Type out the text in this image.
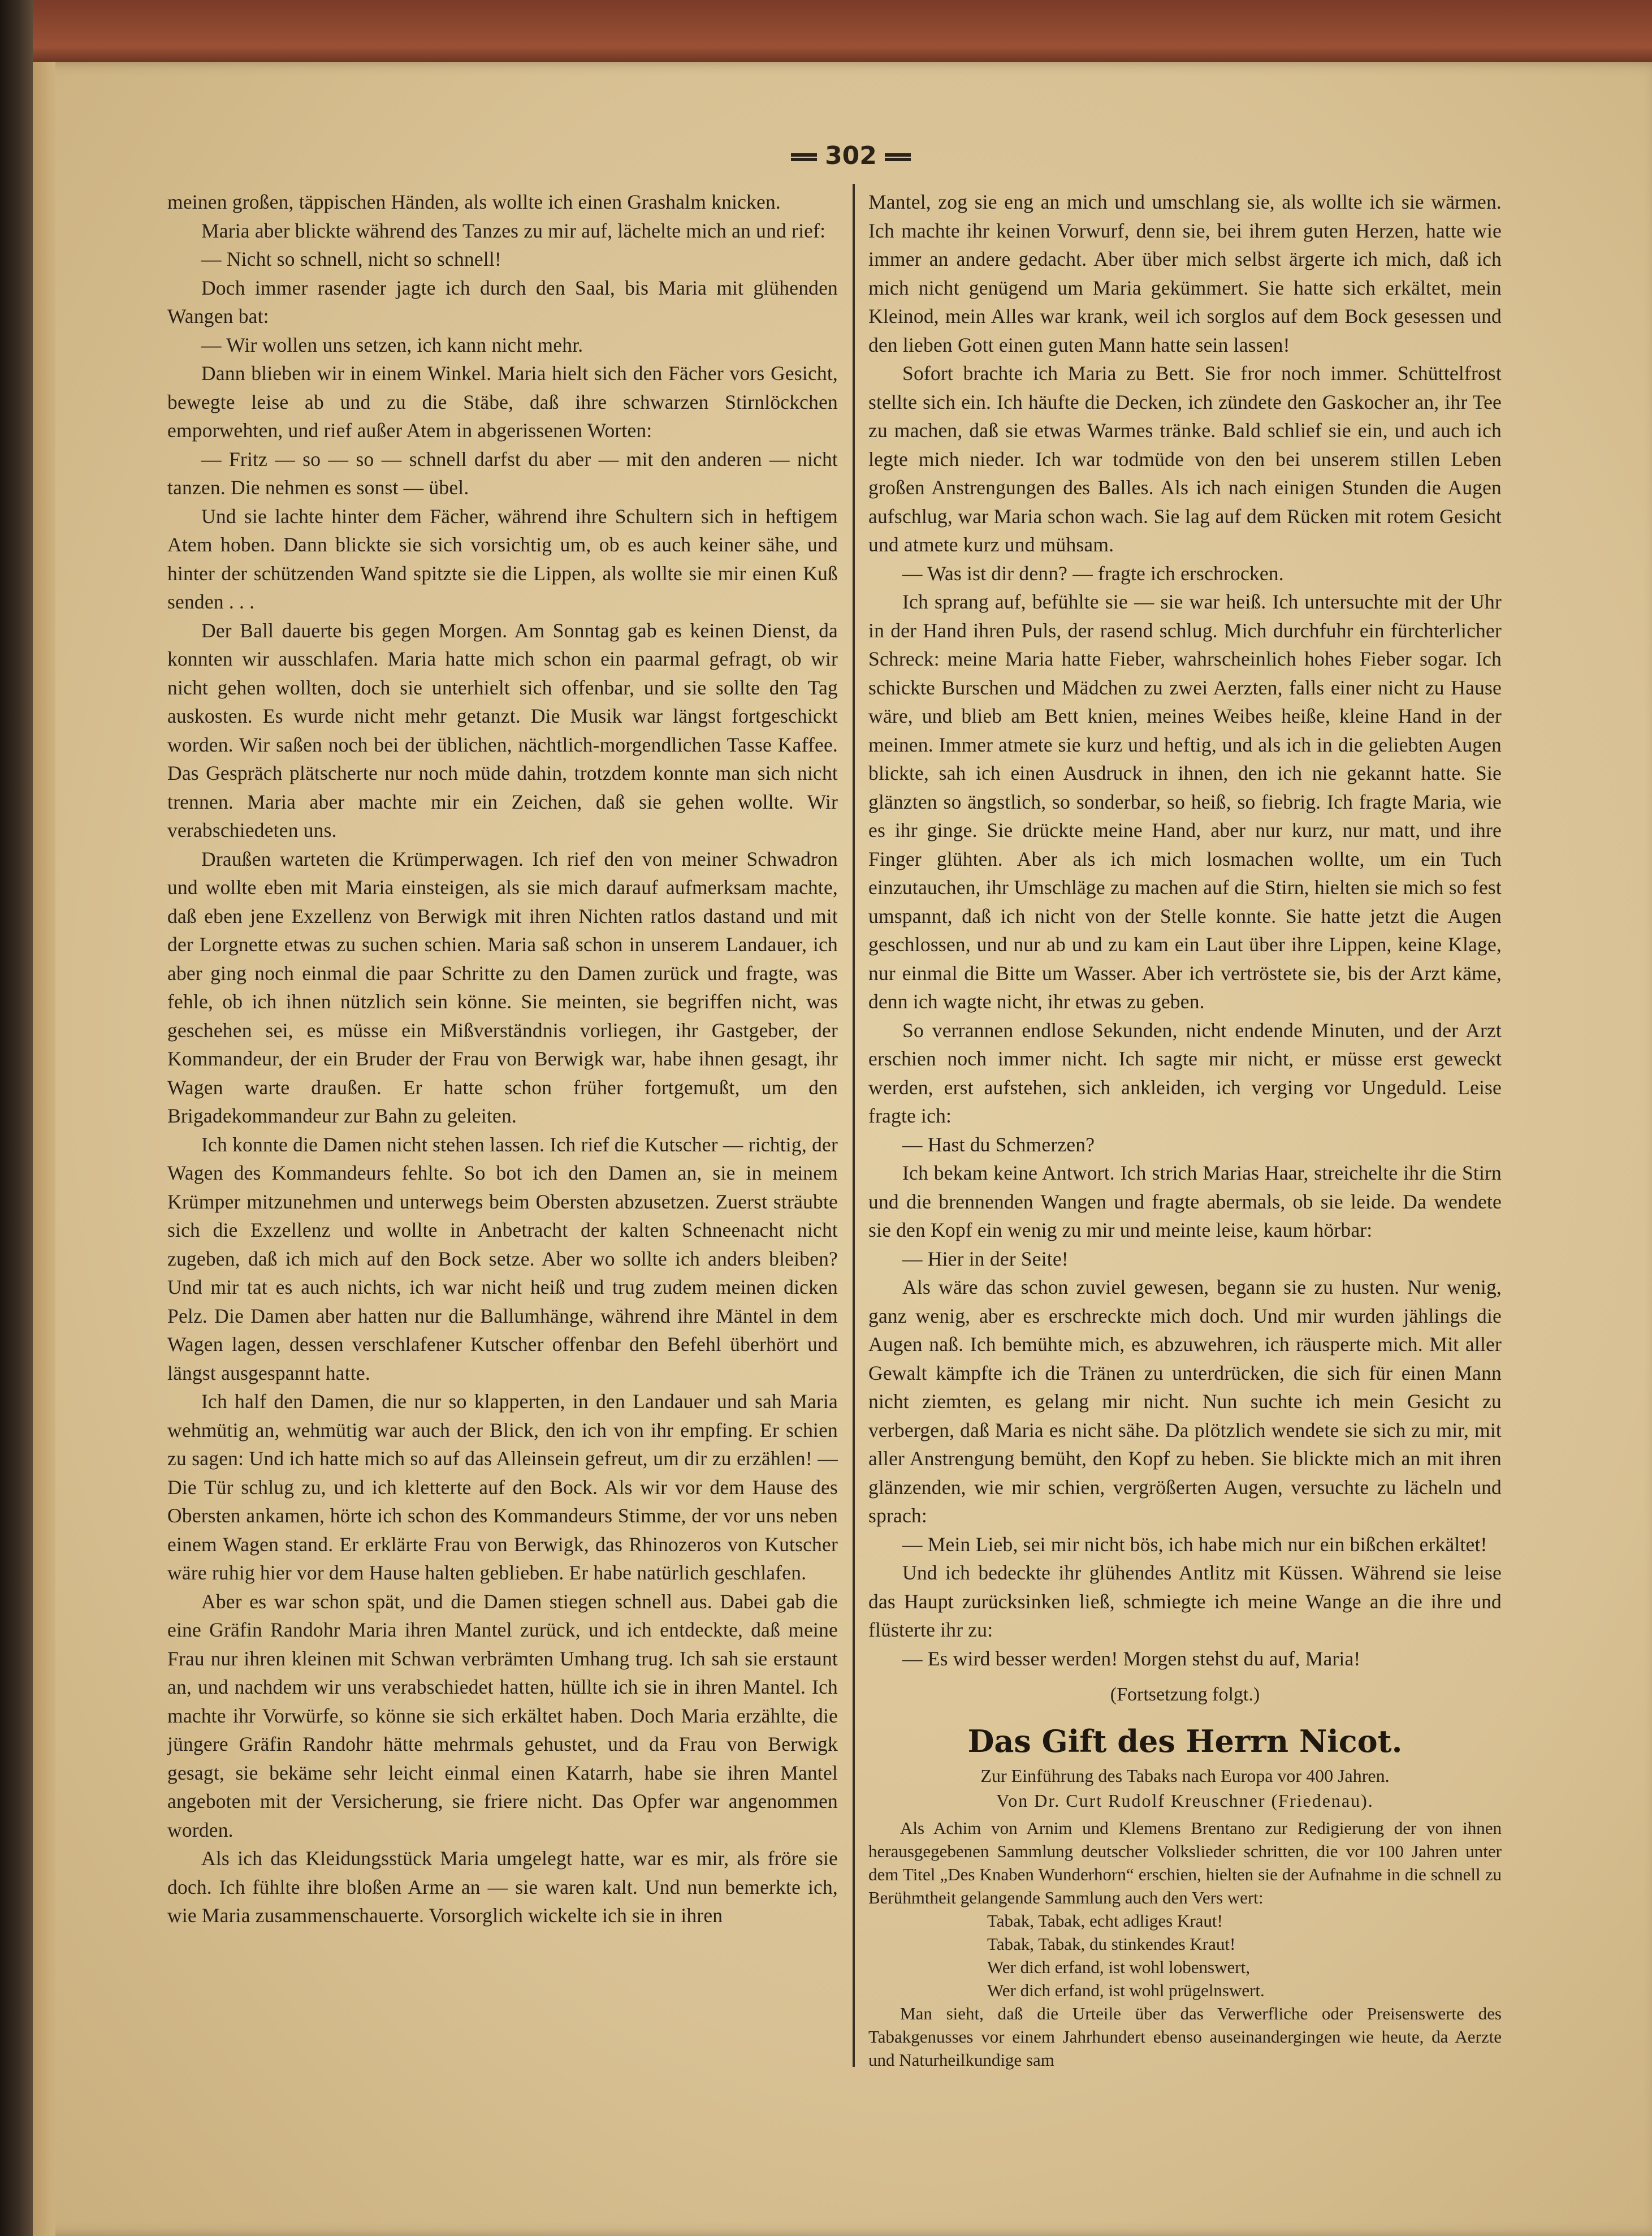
302

meinen großen, täppischen Händen, als wollte ich einen Grashalm knicken.

Maria aber blickte während des Tanzes zu mir auf, lächelte mich an und rief:

— Nicht so schnell, nicht so schnell!

Doch immer rasender jagte ich durch den Saal, bis Maria mit glühenden Wangen bat:

— Wir wollen uns setzen, ich kann nicht mehr.

Dann blieben wir in einem Winkel. Maria hielt sich den Fächer vors Gesicht, bewegte leise ab und zu die Stäbe, daß ihre schwarzen Stirnlöckchen emporwehten, und rief außer Atem in abgerissenen Worten:

— Fritz — so — so — schnell darfst du aber — mit den anderen — nicht tanzen. Die nehmen es sonst — übel.

Und sie lachte hinter dem Fächer, während ihre Schultern sich in heftigem Atem hoben. Dann blickte sie sich vorsichtig um, ob es auch keiner sähe, und hinter der schützenden Wand spitzte sie die Lippen, als wollte sie mir einen Kuß senden . . .

Der Ball dauerte bis gegen Morgen. Am Sonntag gab es keinen Dienst, da konnten wir ausschlafen. Maria hatte mich schon ein paarmal gefragt, ob wir nicht gehen wollten, doch sie unterhielt sich offenbar, und sie sollte den Tag auskosten. Es wurde nicht mehr getanzt. Die Musik war längst fortgeschickt worden. Wir saßen noch bei der üblichen, nächtlich-morgendlichen Tasse Kaffee. Das Gespräch plätscherte nur noch müde dahin, trotzdem konnte man sich nicht trennen. Maria aber machte mir ein Zeichen, daß sie gehen wollte. Wir verabschiedeten uns.

Draußen warteten die Krümperwagen. Ich rief den von meiner Schwadron und wollte eben mit Maria einsteigen, als sie mich darauf aufmerksam machte, daß eben jene Exzellenz von Berwigk mit ihren Nichten ratlos dastand und mit der Lorgnette etwas zu suchen schien. Maria saß schon in unserem Landauer, ich aber ging noch einmal die paar Schritte zu den Damen zurück und fragte, was fehle, ob ich ihnen nützlich sein könne. Sie meinten, sie begriffen nicht, was geschehen sei, es müsse ein Mißverständnis vorliegen, ihr Gastgeber, der Kommandeur, der ein Bruder der Frau von Berwigk war, habe ihnen gesagt, ihr Wagen warte draußen. Er hatte schon früher fortgemußt, um den Brigadekommandeur zur Bahn zu geleiten.

Ich konnte die Damen nicht stehen lassen. Ich rief die Kutscher — richtig, der Wagen des Kommandeurs fehlte. So bot ich den Damen an, sie in meinem Krümper mitzunehmen und unterwegs beim Obersten abzusetzen. Zuerst sträubte sich die Exzellenz und wollte in Anbetracht der kalten Schneenacht nicht zugeben, daß ich mich auf den Bock setze. Aber wo sollte ich anders bleiben? Und mir tat es auch nichts, ich war nicht heiß und trug zudem meinen dicken Pelz. Die Damen aber hatten nur die Ballumhänge, während ihre Mäntel in dem Wagen lagen, dessen verschlafener Kutscher offenbar den Befehl überhört und längst ausgespannt hatte.

Ich half den Damen, die nur so klapperten, in den Landauer und sah Maria wehmütig an, wehmütig war auch der Blick, den ich von ihr empfing. Er schien zu sagen: Und ich hatte mich so auf das Alleinsein gefreut, um dir zu erzählen! — Die Tür schlug zu, und ich kletterte auf den Bock. Als wir vor dem Hause des Obersten ankamen, hörte ich schon des Kommandeurs Stimme, der vor uns neben einem Wagen stand. Er erklärte Frau von Berwigk, das Rhinozeros von Kutscher wäre ruhig hier vor dem Hause halten geblieben. Er habe natürlich geschlafen.

Aber es war schon spät, und die Damen stiegen schnell aus. Dabei gab die eine Gräfin Randohr Maria ihren Mantel zurück, und ich entdeckte, daß meine Frau nur ihren kleinen mit Schwan verbrämten Umhang trug. Ich sah sie erstaunt an, und nachdem wir uns verabschiedet hatten, hüllte ich sie in ihren Mantel. Ich machte ihr Vorwürfe, so könne sie sich erkältet haben. Doch Maria erzählte, die jüngere Gräfin Randohr hätte mehrmals gehustet, und da Frau von Berwigk gesagt, sie bekäme sehr leicht einmal einen Katarrh, habe sie ihren Mantel angeboten mit der Versicherung, sie friere nicht. Das Opfer war angenommen worden.

Als ich das Kleidungsstück Maria umgelegt hatte, war es mir, als fröre sie doch. Ich fühlte ihre bloßen Arme an — sie waren kalt. Und nun bemerkte ich, wie Maria zusammenschauerte. Vorsorglich wickelte ich sie in ihren

Mantel, zog sie eng an mich und umschlang sie, als wollte ich sie wärmen. Ich machte ihr keinen Vorwurf, denn sie, bei ihrem guten Herzen, hatte wie immer an andere gedacht. Aber über mich selbst ärgerte ich mich, daß ich mich nicht genügend um Maria gekümmert. Sie hatte sich erkältet, mein Kleinod, mein Alles war krank, weil ich sorglos auf dem Bock gesessen und den lieben Gott einen guten Mann hatte sein lassen!

Sofort brachte ich Maria zu Bett. Sie fror noch immer. Schüttelfrost stellte sich ein. Ich häufte die Decken, ich zündete den Gaskocher an, ihr Tee zu machen, daß sie etwas Warmes tränke. Bald schlief sie ein, und auch ich legte mich nieder. Ich war todmüde von den bei unserem stillen Leben großen Anstrengungen des Balles. Als ich nach einigen Stunden die Augen aufschlug, war Maria schon wach. Sie lag auf dem Rücken mit rotem Gesicht und atmete kurz und mühsam.

— Was ist dir denn? — fragte ich erschrocken.

Ich sprang auf, befühlte sie — sie war heiß. Ich untersuchte mit der Uhr in der Hand ihren Puls, der rasend schlug. Mich durchfuhr ein fürchterlicher Schreck: meine Maria hatte Fieber, wahrscheinlich hohes Fieber sogar. Ich schickte Burschen und Mädchen zu zwei Aerzten, falls einer nicht zu Hause wäre, und blieb am Bett knien, meines Weibes heiße, kleine Hand in der meinen. Immer atmete sie kurz und heftig, und als ich in die geliebten Augen blickte, sah ich einen Ausdruck in ihnen, den ich nie gekannt hatte. Sie glänzten so ängstlich, so sonderbar, so heiß, so fiebrig. Ich fragte Maria, wie es ihr ginge. Sie drückte meine Hand, aber nur kurz, nur matt, und ihre Finger glühten. Aber als ich mich losmachen wollte, um ein Tuch einzutauchen, ihr Umschläge zu machen auf die Stirn, hielten sie mich so fest umspannt, daß ich nicht von der Stelle konnte. Sie hatte jetzt die Augen geschlossen, und nur ab und zu kam ein Laut über ihre Lippen, keine Klage, nur einmal die Bitte um Wasser. Aber ich vertröstete sie, bis der Arzt käme, denn ich wagte nicht, ihr etwas zu geben.

So verrannen endlose Sekunden, nicht endende Minuten, und der Arzt erschien noch immer nicht. Ich sagte mir nicht, er müsse erst geweckt werden, erst aufstehen, sich ankleiden, ich verging vor Ungeduld. Leise fragte ich:

— Hast du Schmerzen?

Ich bekam keine Antwort. Ich strich Marias Haar, streichelte ihr die Stirn und die brennenden Wangen und fragte abermals, ob sie leide. Da wendete sie den Kopf ein wenig zu mir und meinte leise, kaum hörbar:

— Hier in der Seite!

Als wäre das schon zuviel gewesen, begann sie zu husten. Nur wenig, ganz wenig, aber es erschreckte mich doch. Und mir wurden jählings die Augen naß. Ich bemühte mich, es abzuwehren, ich räusperte mich. Mit aller Gewalt kämpfte ich die Tränen zu unterdrücken, die sich für einen Mann nicht ziemten, es gelang mir nicht. Nun suchte ich mein Gesicht zu verbergen, daß Maria es nicht sähe. Da plötzlich wendete sie sich zu mir, mit aller Anstrengung bemüht, den Kopf zu heben. Sie blickte mich an mit ihren glänzenden, wie mir schien, vergrößerten Augen, versuchte zu lächeln und sprach:

— Mein Lieb, sei mir nicht bös, ich habe mich nur ein bißchen erkältet!

Und ich bedeckte ihr glühendes Antlitz mit Küssen. Während sie leise das Haupt zurücksinken ließ, schmiegte ich meine Wange an die ihre und flüsterte ihr zu:

— Es wird besser werden! Morgen stehst du auf, Maria!

(Fortsetzung folgt.)
Das Gift des Herrn Nicot.

Zur Einführung des Tabaks nach Europa vor 400 Jahren.

Von Dr. Curt Rudolf Kreuschner (Friedenau).

Als Achim von Arnim und Klemens Brentano zur Redigierung der von ihnen herausgegebenen Sammlung deutscher Volkslieder schritten, die vor 100 Jahren unter dem Titel „Des Knaben Wunderhorn“ erschien, hielten sie der Aufnahme in die schnell zu Berühmtheit gelangende Sammlung auch den Vers wert:

Tabak, Tabak, echt adliges Kraut!

Tabak, Tabak, du stinkendes Kraut!

Wer dich erfand, ist wohl lobenswert,

Wer dich erfand, ist wohl prügelnswert.

Man sieht, daß die Urteile über das Verwerfliche oder Preisenswerte des Tabakgenusses vor einem Jahrhundert ebenso auseinandergingen wie heute, da Aerzte und Naturheilkundige sam
